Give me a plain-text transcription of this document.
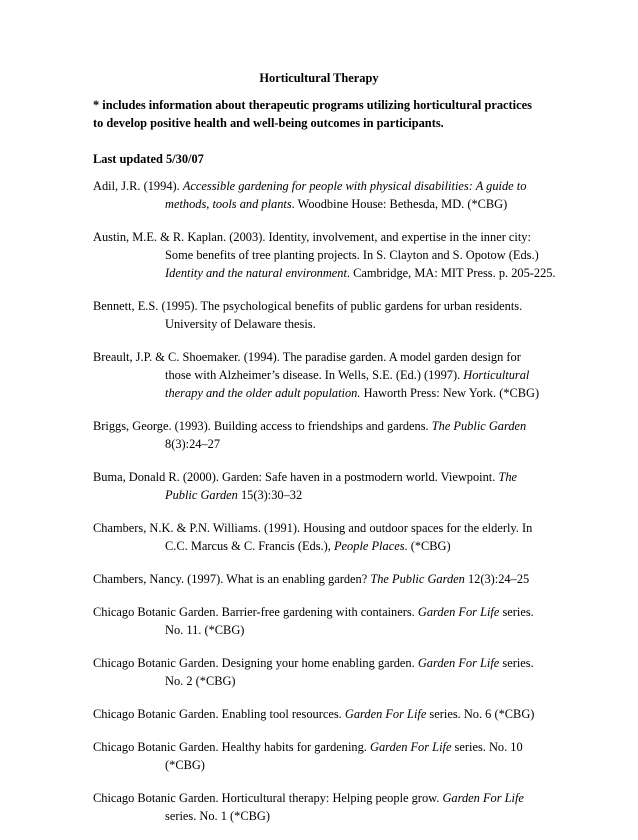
Horticultural Therapy
* includes information about therapeutic programs utilizing horticultural practices
to develop positive health and well-being outcomes in participants.
Last updated 5/30/07
Adil, J.R. (1994). Accessible gardening for people with physical disabilities: A guide to
methods, tools and plants. Woodbine House: Bethesda, MD. (*CBG)
Austin, M.E. & R. Kaplan. (2003). Identity, involvement, and expertise in the inner city:
Some benefits of tree planting projects. In S. Clayton and S. Opotow (Eds.)
Identity and the natural environment. Cambridge, MA: MIT Press. p. 205-225.
Bennett, E.S. (1995). The psychological benefits of public gardens for urban residents.
University of Delaware thesis.
Breault, J.P. & C. Shoemaker. (1994). The paradise garden. A model garden design for
those with Alzheimer’s disease. In Wells, S.E. (Ed.) (1997). Horticultural
therapy and the older adult population. Haworth Press: New York. (*CBG)
Briggs, George. (1993). Building access to friendships and gardens. The Public Garden
8(3):24–27
Buma, Donald R. (2000). Garden: Safe haven in a postmodern world. Viewpoint. The
Public Garden 15(3):30–32
Chambers, N.K. & P.N. Williams. (1991). Housing and outdoor spaces for the elderly. In
C.C. Marcus & C. Francis (Eds.), People Places. (*CBG)
Chambers, Nancy. (1997). What is an enabling garden? The Public Garden 12(3):24–25
Chicago Botanic Garden. Barrier-free gardening with containers. Garden For Life series.
No. 11. (*CBG)
Chicago Botanic Garden. Designing your home enabling garden. Garden For Life series.
No. 2 (*CBG)
Chicago Botanic Garden. Enabling tool resources. Garden For Life series. No. 6 (*CBG)
Chicago Botanic Garden. Healthy habits for gardening. Garden For Life series. No. 10
(*CBG)
Chicago Botanic Garden. Horticultural therapy: Helping people grow. Garden For Life
series. No. 1 (*CBG)
